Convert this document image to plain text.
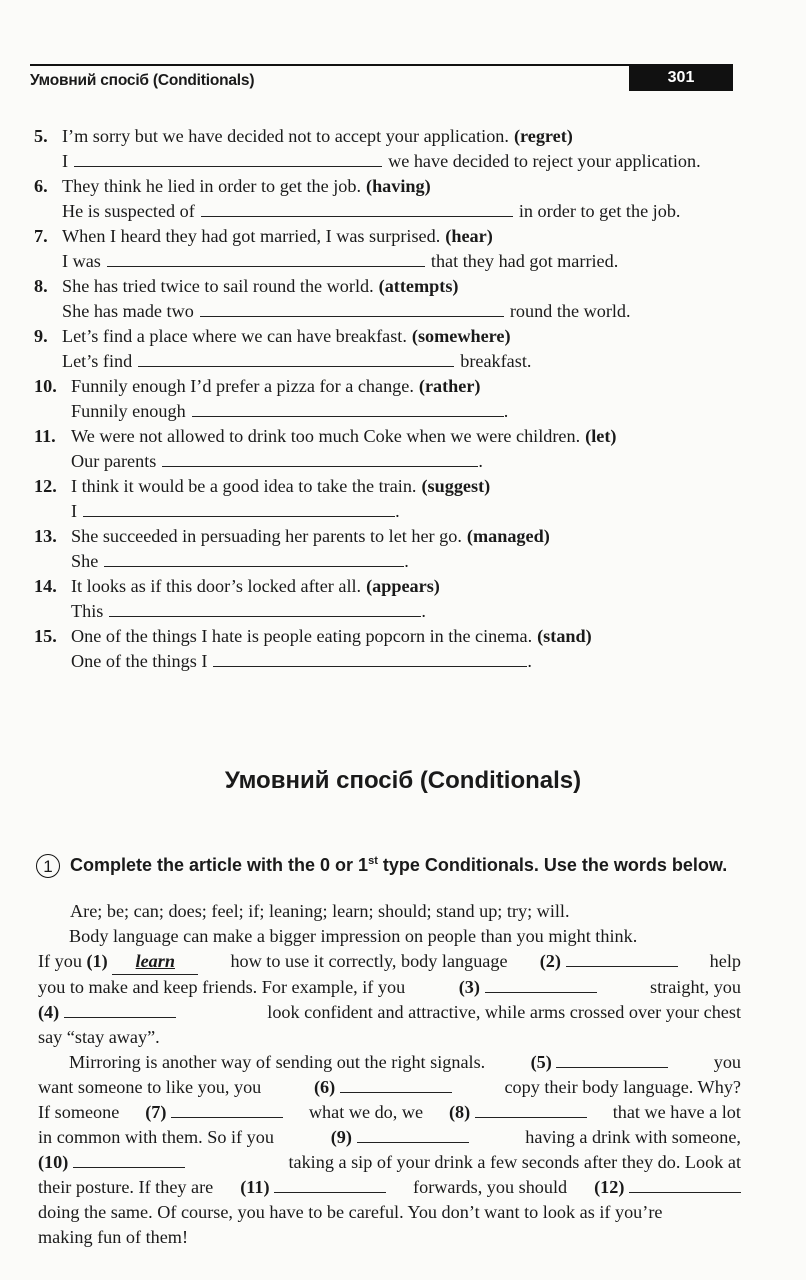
Умовний спосіб (Conditionals)	301
5. I’m sorry but we have decided not to accept your application. (regret)
I	we have decided to reject your application.
6. They think he lied in order to get the job. (having)
He is suspected of	in order to get the job.
7. When I heard they had got married, I was surprised. (hear)
I was	that they had got married.
8. She has tried twice to sail round the world. (attempts)
She has made two	round the world.
9. Let’s find a place where we can have breakfast. (somewhere)
Let’s find	breakfast.
10. Funnily enough I’d prefer a pizza for a change. (rather)
Funnily enough	.
11. We were not allowed to drink too much Coke when we were children. (let)
Our parents	.
12. I think it would be a good idea to take the train. (suggest)
I	.
13. She succeeded in persuading her parents to let her go. (managed)
She	.
14. It looks as if this door’s locked after all. (appears)
This	.
15. One of the things I hate is people eating popcorn in the cinema. (stand)
One of the things I	.
Умовний спосіб (Conditionals)
1 Complete the article with the 0 or 1st type Conditionals. Use the words below.
Are; be; can; does; feel; if; leaning; learn; should; stand up; try; will.
Body language can make a bigger impression on people than you might think.
If you (1) learn	how to use it correctly, body language (2)	help
you to make and keep friends. For example, if you	(3)	straight, you
(4)	look confident and attractive, while arms crossed over your chest
say “stay away”.
Mirroring is another way of sending out the right signals. (5)	you
want someone to like you, you	(6)	copy their body language. Why?
If someone (7)	what we do, we (8)	that we have a lot
in common with them. So if you	(9)	having a drink with someone,
(10)	taking a sip of your drink a few seconds after they do. Look at
their posture. If they are (11)	forwards, you should (12)
doing the same. Of course, you have to be careful. You don’t want to look as if you’re
making fun of them!
